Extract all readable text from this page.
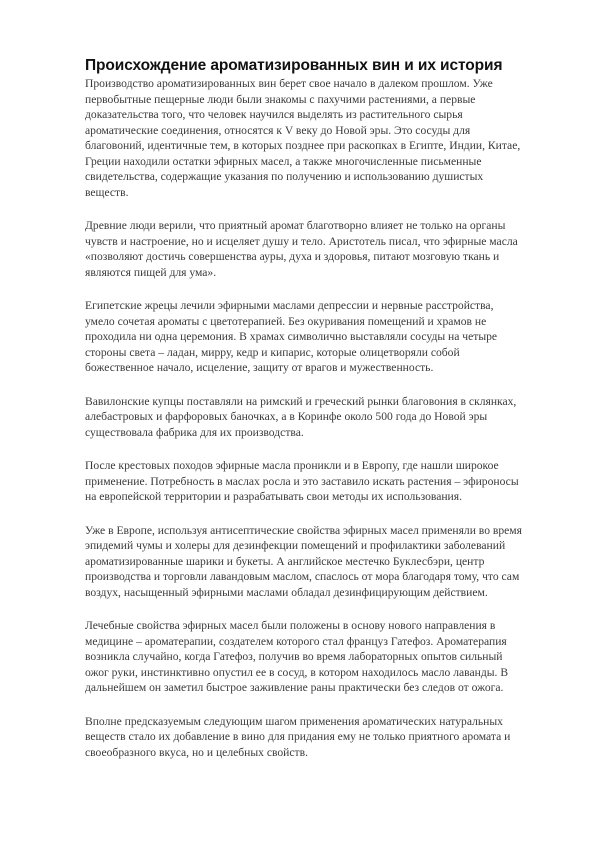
Происхождение ароматизированных вин и их история

Производство ароматизированных вин берет свое начало в далеком прошлом. Уже первобытные пещерные люди были знакомы с пахучими растениями, а первые доказательства того, что человек научился выделять из растительного сырья ароматические соединения, относятся к V веку до Новой эры. Это сосуды для благовоний, идентичные тем, в которых позднее при раскопках в Египте, Индии, Китае, Греции находили остатки эфирных масел, а также многочисленные письменные свидетельства, содержащие указания по получению и использованию душистых веществ.

Древние люди верили, что приятный аромат благотворно влияет не только на органы чувств и настроение, но и исцеляет душу и тело. Аристотель писал, что эфирные масла «позволяют достичь совершенства ауры, духа и здоровья, питают мозговую ткань и являются пищей для ума».

Египетские жрецы лечили эфирными маслами депрессии и нервные расстройства, умело сочетая ароматы с цветотерапией. Без окуривания помещений и храмов не проходила ни одна церемония. В храмах символично выставляли сосуды на четыре стороны света – ладан, мирру, кедр и кипарис, которые олицетворяли собой божественное начало, исцеление, защиту от врагов и мужественность.

Вавилонские купцы поставляли на римский и греческий рынки благовония в склянках, алебастровых и фарфоровых баночках, а в Коринфе около 500 года до Новой эры существовала фабрика для их производства.

После крестовых походов эфирные масла проникли и в Европу, где нашли широкое применение. Потребность в маслах росла и это заставило искать растения – эфироносы на европейской территории и разрабатывать свои методы их использования.

Уже в Европе, используя антисептические свойства эфирных масел применяли во время эпидемий чумы и холеры для дезинфекции помещений и профилактики заболеваний ароматизированные шарики и букеты. А английское местечко Буклесбэри, центр производства и торговли лавандовым маслом, спаслось от мора благодаря тому, что сам воздух, насыщенный эфирными маслами обладал дезинфицирующим действием.

Лечебные свойства эфирных масел были положены в основу нового направления в медицине – ароматерапии, создателем которого стал француз Гатефоз. Ароматерапия возникла случайно, когда Гатефоз, получив во время лабораторных опытов сильный ожог руки, инстинктивно опустил ее в сосуд, в котором находилось масло лаванды. В дальнейшем он заметил быстрое заживление раны практически без следов от ожога.

Вполне предсказуемым следующим шагом применения ароматических натуральных веществ стало их добавление в вино для придания ему не только приятного аромата и своеобразного вкуса, но и целебных свойств.
